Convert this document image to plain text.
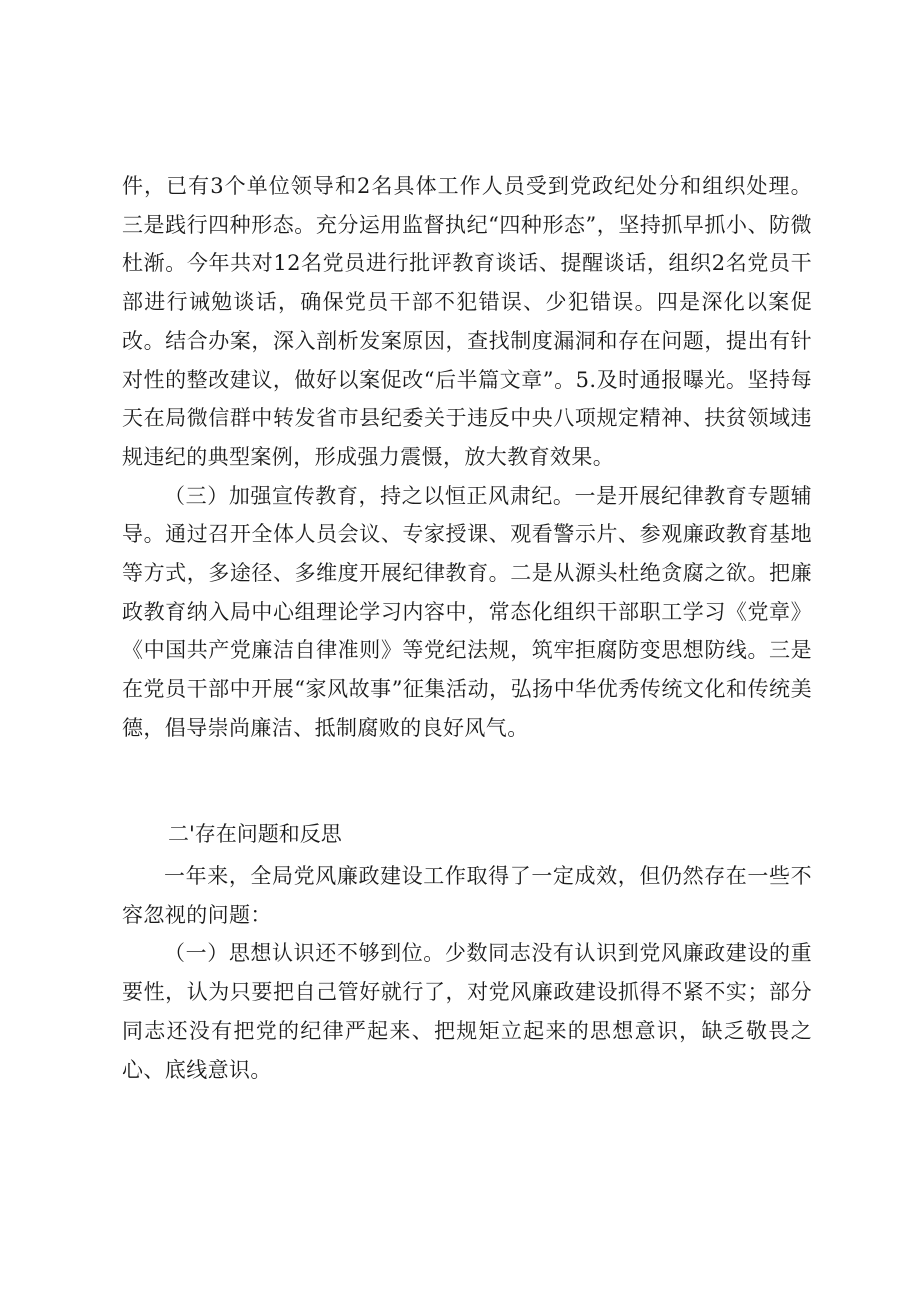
件，已有3个单位领导和2名具体工作人员受到党政纪处分和组织处理。三是践行四种形态。充分运用监督执纪“四种形态”，坚持抓早抓小、防微杜渐。今年共对12名党员进行批评教育谈话、提醒谈话，组织2名党员干部进行诫勉谈话，确保党员干部不犯错误、少犯错误。四是深化以案促改。结合办案，深入剖析发案原因，查找制度漏洞和存在问题，提出有针对性的整改建议，做好以案促改“后半篇文章”。5.及时通报曝光。坚持每天在局微信群中转发省市县纪委关于违反中央八项规定精神、扶贫领域违规违纪的典型案例，形成强力震慑，放大教育效果。

（三）加强宣传教育，持之以恒正风肃纪。一是开展纪律教育专题辅导。通过召开全体人员会议、专家授课、观看警示片、参观廉政教育基地等方式，多途径、多维度开展纪律教育。二是从源头杜绝贪腐之欲。把廉政教育纳入局中心组理论学习内容中，常态化组织干部职工学习《党章》《中国共产党廉洁自律准则》等党纪法规，筑牢拒腐防变思想防线。三是在党员干部中开展“家风故事”征集活动，弘扬中华优秀传统文化和传统美德，倡导崇尚廉洁、抵制腐败的良好风气。

二'存在问题和反思

一年来，全局党风廉政建设工作取得了一定成效，但仍然存在一些不容忽视的问题：

（一）思想认识还不够到位。少数同志没有认识到党风廉政建设的重要性，认为只要把自己管好就行了，对党风廉政建设抓得不紧不实；部分同志还没有把党的纪律严起来、把规矩立起来的思想意识，缺乏敬畏之心、底线意识。
